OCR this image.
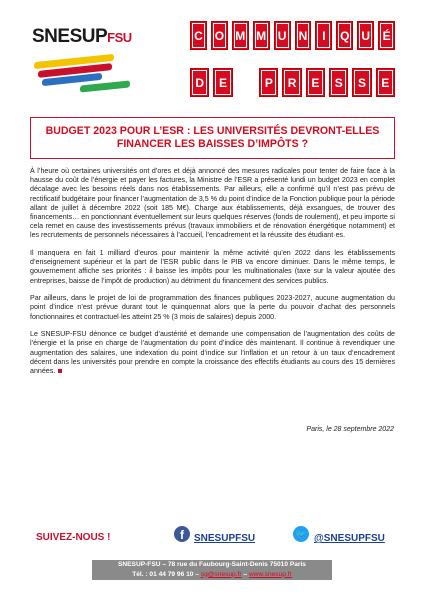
SNESUPFSU	C O M M U	N	I	Q U	É
D	E	P	R	E	S	S	E
BUDGET 2023 POUR L’ESR : LES UNIVERSITÉS DEVRONT-ELLES FINANCER LES BAISSES D’IMPÔTS ?

À l’heure où certaines universités ont d’ores et déjà annoncé des mesures radicales pour tenter de faire face à la hausse du coût de l’énergie et payer les factures, la Ministre de l’ESR a présenté lundi un budget 2023 en complet décalage avec les besoins réels dans nos établissements. Par ailleurs, elle a confirmé qu’il n’est pas prévu de rectificatif budgétaire pour financer l’augmentation de 3,5 % du point d’indice de la Fonction publique pour la période allant de juillet à décembre 2022 (soit 185 M€). Charge aux établissements, déjà exsangues, de trouver des financements… en ponctionnant éventuellement sur leurs quelques réserves (fonds de roulement), et peu importe si cela remet en cause des investissements prévus (travaux immobiliers et de rénovation énergétique notamment) et les recrutements de personnels nécessaires à l’accueil, l’encadrement et la réussite des étudiant·es.

Il manquera en fait 1 milliard d’euros pour maintenir la même activité qu’en 2022 dans les établissements d’enseignement supérieur et la part de l’ESR public dans le PIB va encore diminuer. Dans le même temps, le gouvernement affiche ses priorités : il baisse les impôts pour les multinationales (taxe sur la valeur ajoutée des entreprises, baisse de l’impôt de production) au détriment du financement des services publics.

Par ailleurs, dans le projet de loi de programmation des finances publiques 2023-2027, aucune augmentation du point d’indice n’est prévue durant tout le quinquennat alors que la perte du pouvoir d’achat des personnels fonctionnaires et contractuel·les atteint 25 % (3 mois de salaires) depuis 2000.

Le SNESUP-FSU dénonce ce budget d’austérité et demande une compensation de l’augmentation des coûts de l’énergie et la prise en charge de l’augmentation du point d’indice dès maintenant. Il continue à revendiquer une augmentation des salaires, une indexation du point d’indice sur l’inflation et un retour à un taux d’encadrement décent dans les universités pour prendre en compte la croissance des effectifs étudiants au cours des 15 dernières années.

Paris, le 28 septembre 2022
SUIVEZ-NOUS !	f	SNESUPFSU	🐦 @SNESUPFSU
SNESUP-FSU – 78 rue du Faubourg-Saint-Denis 75010 Paris
Tél. : 01 44 79 96 10 – sg@snesup.fr – www.snesup.fr
